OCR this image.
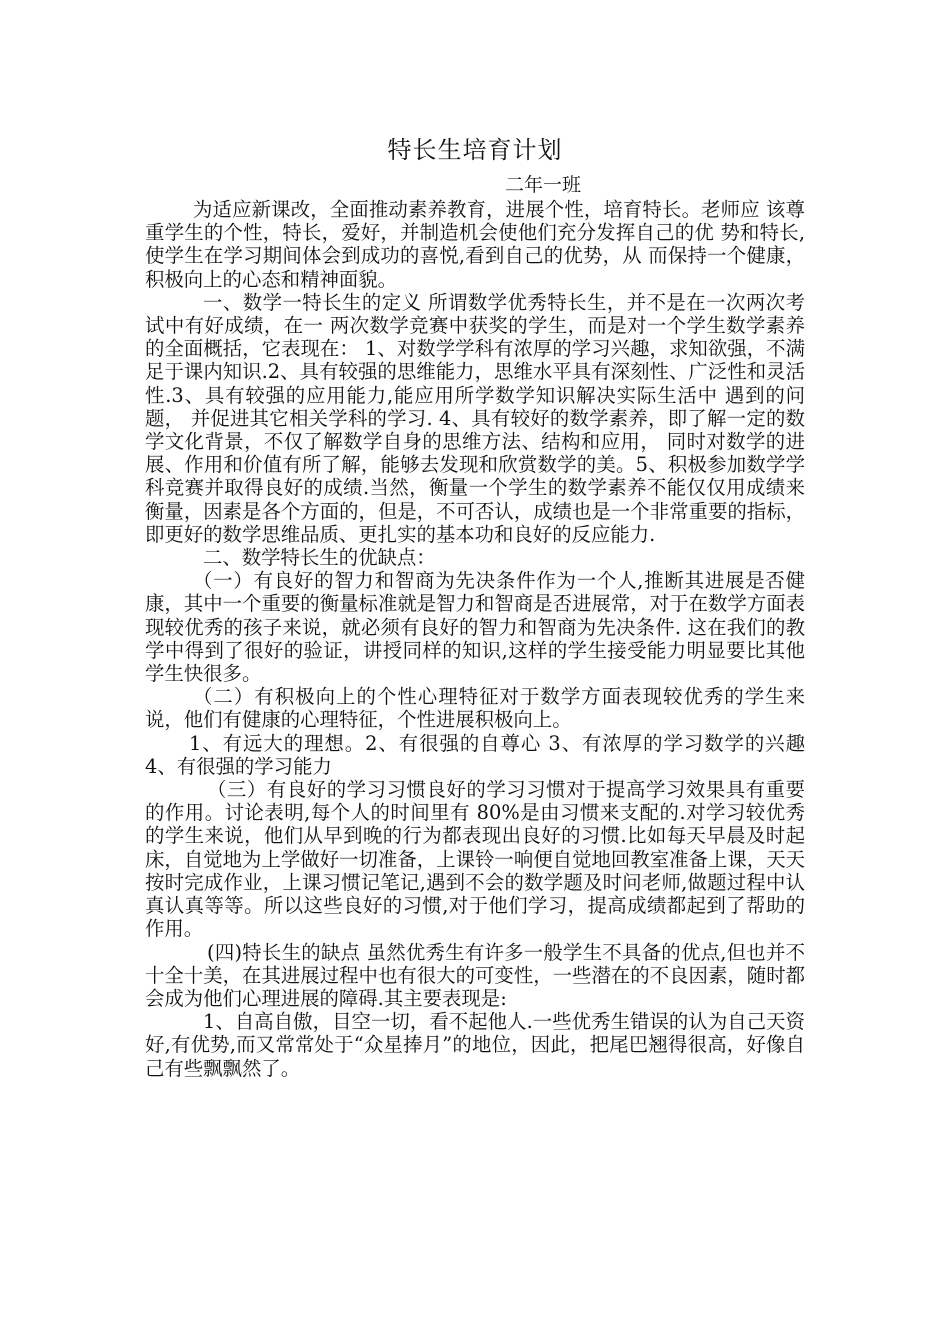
特长生培育计划
二年一班

为适应新课改，全面推动素养教育，进展个性，培育特长。老师应 该尊重学生的个性，特长，爱好，并制造机会使他们充分发挥自己的优 势和特长,使学生在学习期间体会到成功的喜悦,看到自己的优势，从 而保持一个健康，积极向上的心态和精神面貌。

一、数学一特长生的定义 所谓数学优秀特长生，并不是在一次两次考试中有好成绩，在一 两次数学竞赛中获奖的学生，而是对一个学生数学素养的全面概括，它表现在： 1、对数学学科有浓厚的学习兴趣，求知欲强，不满足于课内知识.2、具有较强的思维能力，思维水平具有深刻性、广泛性和灵活性.3、具有较强的应用能力,能应用所学数学知识解决实际生活中 遇到的问题， 并促进其它相关学科的学习. 4、具有较好的数学素养，即了解一定的数学文化背景，不仅了解数学自身的思维方法、结构和应用， 同时对数学的进展、作用和价值有所了解，能够去发现和欣赏数学的美。5、积极参加数学学科竞赛并取得良好的成绩.当然，衡量一个学生的数学素养不能仅仅用成绩来衡量，因素是各个方面的，但是，不可否认，成绩也是一个非常重要的指标， 即更好的数学思维品质、更扎实的基本功和良好的反应能力.

二、数学特长生的优缺点：

（一）有良好的智力和智商为先决条件作为一个人,推断其进展是否健康，其中一个重要的衡量标准就是智力和智商是否进展常，对于在数学方面表现较优秀的孩子来说，就必须有良好的智力和智商为先决条件. 这在我们的教学中得到了很好的验证，讲授同样的知识,这样的学生接受能力明显要比其他学生快很多。

（二）有积极向上的个性心理特征对于数学方面表现较优秀的学生来说，他们有健康的心理特征，个性进展积极向上。

1、有远大的理想。2、有很强的自尊心 3、有浓厚的学习数学的兴趣 4、有很强的学习能力

（三）有良好的学习习惯良好的学习习惯对于提高学习效果具有重要的作用。讨论表明,每个人的时间里有 80%是由习惯来支配的.对学习较优秀的学生来说，他们从早到晚的行为都表现出良好的习惯.比如每天早晨及时起床，自觉地为上学做好一切准备，上课铃一响便自觉地回教室准备上课，天天按时完成作业，上课习惯记笔记,遇到不会的数学题及时问老师,做题过程中认真认真等等。所以这些良好的习惯,对于他们学习，提高成绩都起到了帮助的作用。

(四)特长生的缺点 虽然优秀生有许多一般学生不具备的优点,但也并不十全十美，在其进展过程中也有很大的可变性，一些潜在的不良因素，随时都会成为他们心理进展的障碍.其主要表现是:

1、自高自傲，目空一切，看不起他人.一些优秀生错误的认为自己天资好,有优势,而又常常处于“众星捧月”的地位，因此，把尾巴翘得很高，好像自己有些飘飘然了。
